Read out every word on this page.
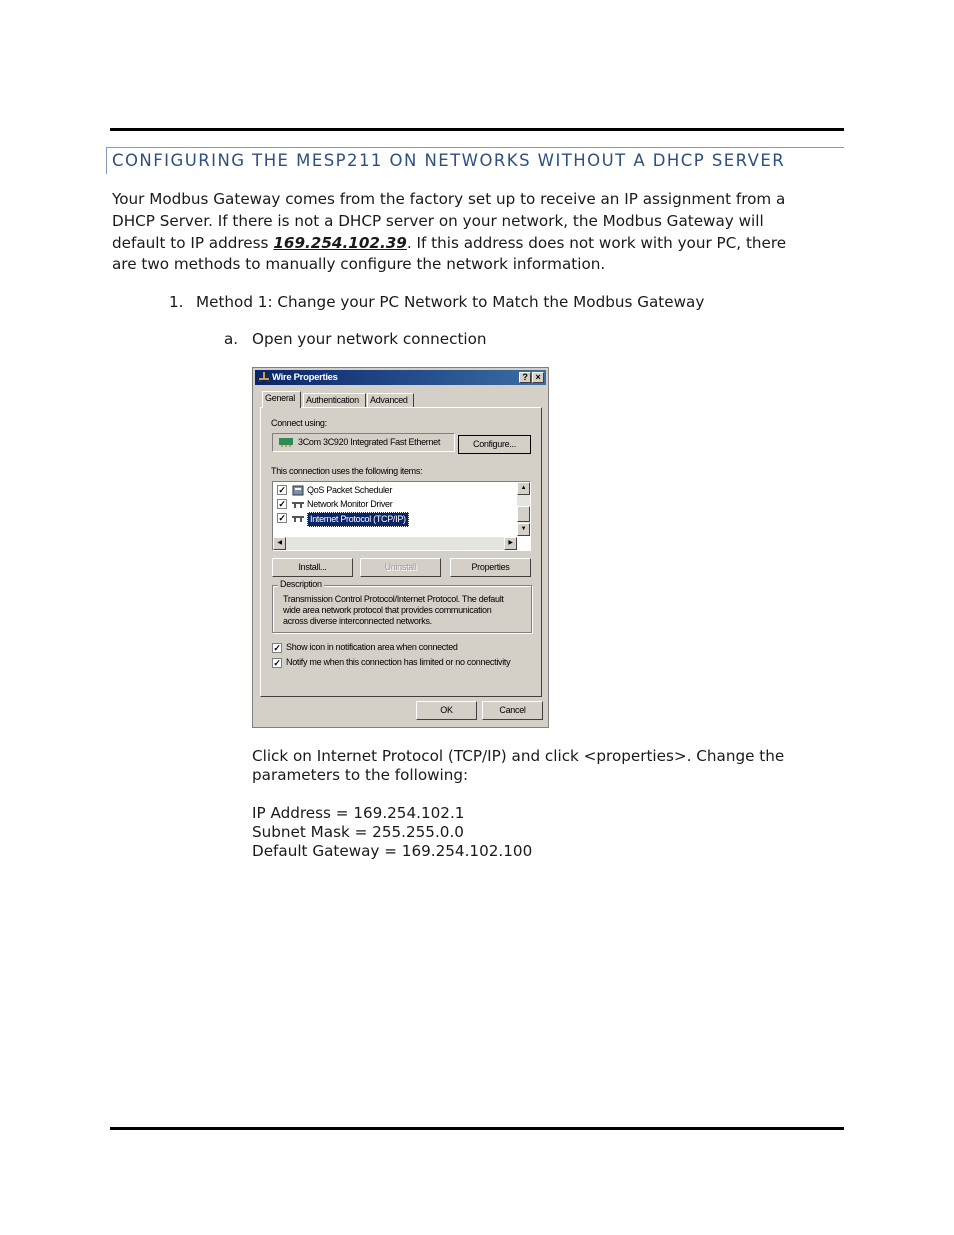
CONFIGURING THE MESP211 ON NETWORKS WITHOUT A DHCP SERVER
Your Modbus Gateway comes from the factory set up to receive an IP assignment from a
DHCP Server. If there is not a DHCP server on your network, the Modbus Gateway will
default to IP address 169.254.102.39. If this address does not work with your PC, there
are two methods to manually configure the network information.
1. Method 1: Change your PC Network to Match the Modbus Gateway
a. Open your network connection
Wire Properties	? ×
General	Authentication	Advanced
Connect using:
3Com 3C920 Integrated Fast Ethernet	Configure...
This connection uses the following items:
✓ QoS Packet Scheduler
✓ Network Monitor Driver
✓	Internet Protocol (TCP/IP)
▲
▼
◀	▶
Install...	Uninstall	Properties
Description
Transmission Control Protocol/Internet Protocol. The default
wide area network protocol that provides communication
across diverse interconnected networks.
✓ Show icon in notification area when connected
✓ Notify me when this connection has limited or no connectivity
OK	Cancel
Click on Internet Protocol (TCP/IP) and click <properties>. Change the
parameters to the following:
IP Address = 169.254.102.1
Subnet Mask = 255.255.0.0
Default Gateway = 169.254.102.100
